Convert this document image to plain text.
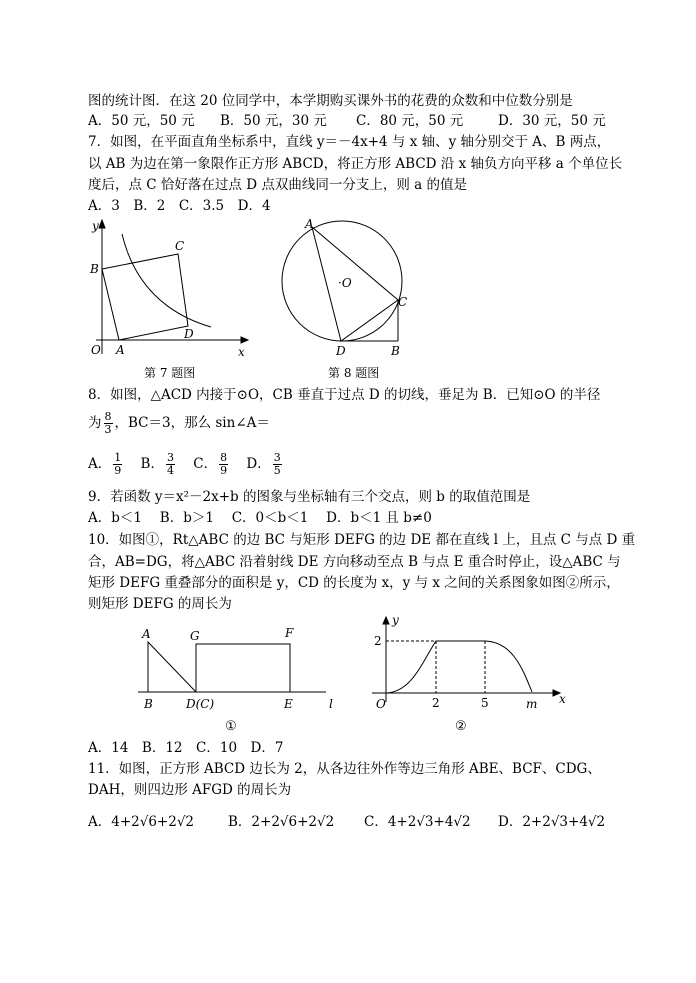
图的统计图．在这 20 位同学中，本学期购买课外书的花费的众数和中位数分别是
A．50 元，50 元 B．50 元，30 元 C．80 元，50 元	D．30 元，50 元
7．如图，在平面直角坐标系中，直线 y＝－4x+4 与 x 轴、y 轴分别交于 A、B 两点，
以 AB 为边在第一象限作正方形 ABCD，将正方形 ABCD 沿 x 轴负方向平移 a 个单位长
度后，点 C 恰好落在过点 D 点双曲线同一分支上，则 a 的值是
A．3　B．2　C．3.5　D．4
y
B
C
D
O A	x
第 7 题图
A
·O
C
D	B
第 8 题图
8．如图，△ACD 内接于⊙O，CB 垂直于过点 D 的切线，垂足为 B．已知⊙O 的半径
为 $\frac{8}{3}$ ，BC＝3，那么 sin∠A＝
A． $\frac{1}{9}$ B． $\frac{3}{4}$ C． $\frac{8}{9}$ D． $\frac{3}{5}$
9．若函数 y＝x²－2x+b 的图象与坐标轴有三个交点，则 b 的取值范围是
A．b＜1　 B．b＞1　 C．0＜b＜1　 D．b＜1 且 b≠0
10．如图①，Rt△ABC 的边 BC 与矩形 DEFG 的边 DE 都在直线 l 上，且点 C 与点 D 重
合，AB=DG，将△ABC 沿着射线 DE 方向移动至点 B 与点 E 重合时停止，设△ABC 与
矩形 DEFG 重叠部分的面积是 y，CD 的长度为 x，y 与 x 之间的关系图象如图②所示，
则矩形 DEFG 的周长为
A	G	F
B	D(C)	E	l
①
y
2
O	2	5	m x
②
A．14　B．12　C．10　D．7
11．如图，正方形 ABCD 边长为 2，从各边往外作等边三角形 ABE、BCF、CDG、
DAH，则四边形 AFGD 的周长为
A．4+2√6+2√2	B．2+2√6+2√2 C．4+2√3+4√2 D．2+2√3+4√2
